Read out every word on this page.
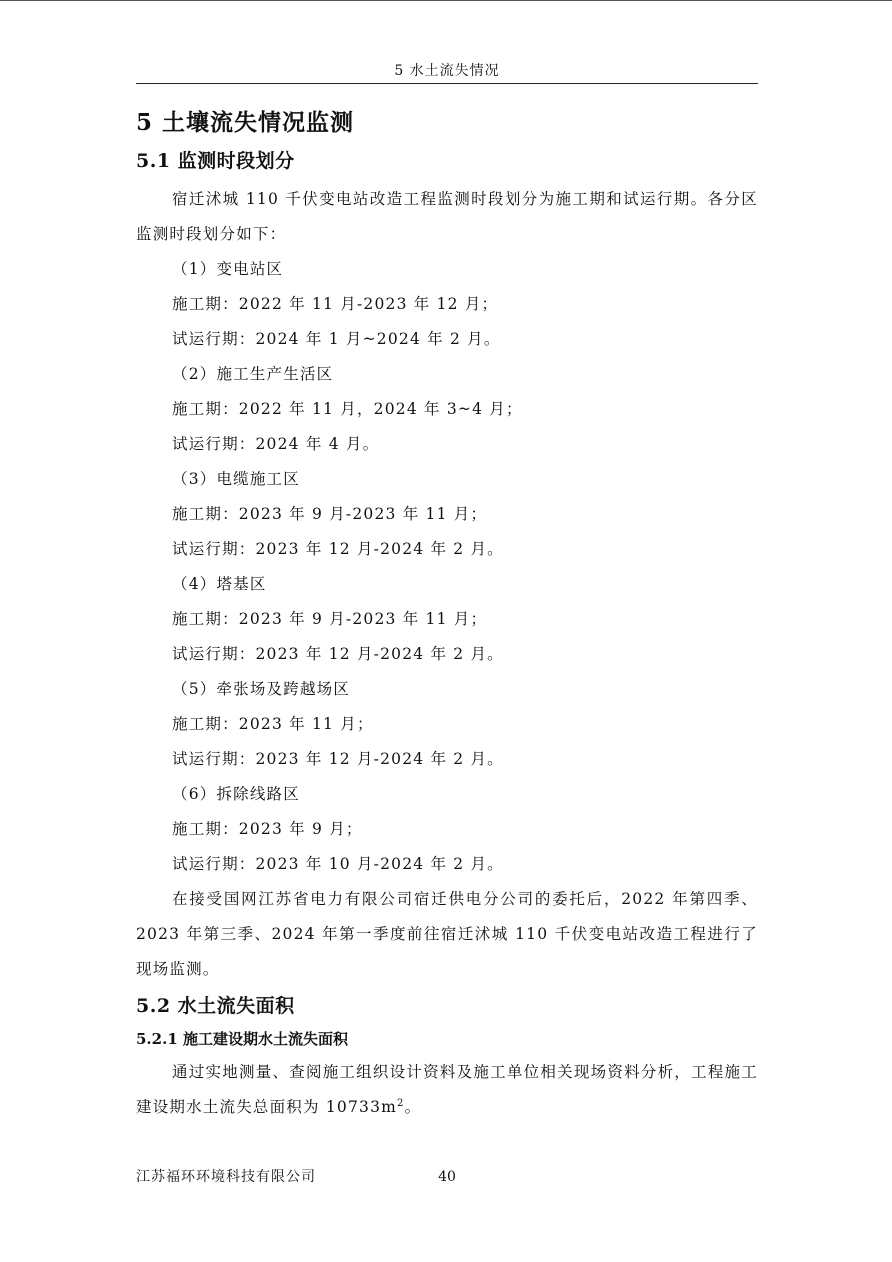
5 水土流失情况
5 土壤流失情况监测
5.1 监测时段划分

宿迁沭城 110 千伏变电站改造工程监测时段划分为施工期和试运行期。各分区监测时段划分如下：

（1）变电站区
施工期：2022 年 11 月-2023 年 12 月；
试运行期：2024 年 1 月~2024 年 2 月。
（2）施工生产生活区
施工期：2022 年 11 月，2024 年 3~4 月；
试运行期：2024 年 4 月。
（3）电缆施工区
施工期：2023 年 9 月-2023 年 11 月；
试运行期：2023 年 12 月-2024 年 2 月。
（4）塔基区
施工期：2023 年 9 月-2023 年 11 月；
试运行期：2023 年 12 月-2024 年 2 月。
（5）牵张场及跨越场区
施工期：2023 年 11 月；
试运行期：2023 年 12 月-2024 年 2 月。
（6）拆除线路区
施工期：2023 年 9 月；
试运行期：2023 年 10 月-2024 年 2 月。

在接受国网江苏省电力有限公司宿迁供电分公司的委托后，2022 年第四季、2023 年第三季、2024 年第一季度前往宿迁沭城 110 千伏变电站改造工程进行了现场监测。

5.2 水土流失面积
5.2.1 施工建设期水土流失面积

通过实地测量、查阅施工组织设计资料及施工单位相关现场资料分析，工程施工建设期水土流失总面积为 $10733m^2$。

江苏福环环境科技有限公司	40
